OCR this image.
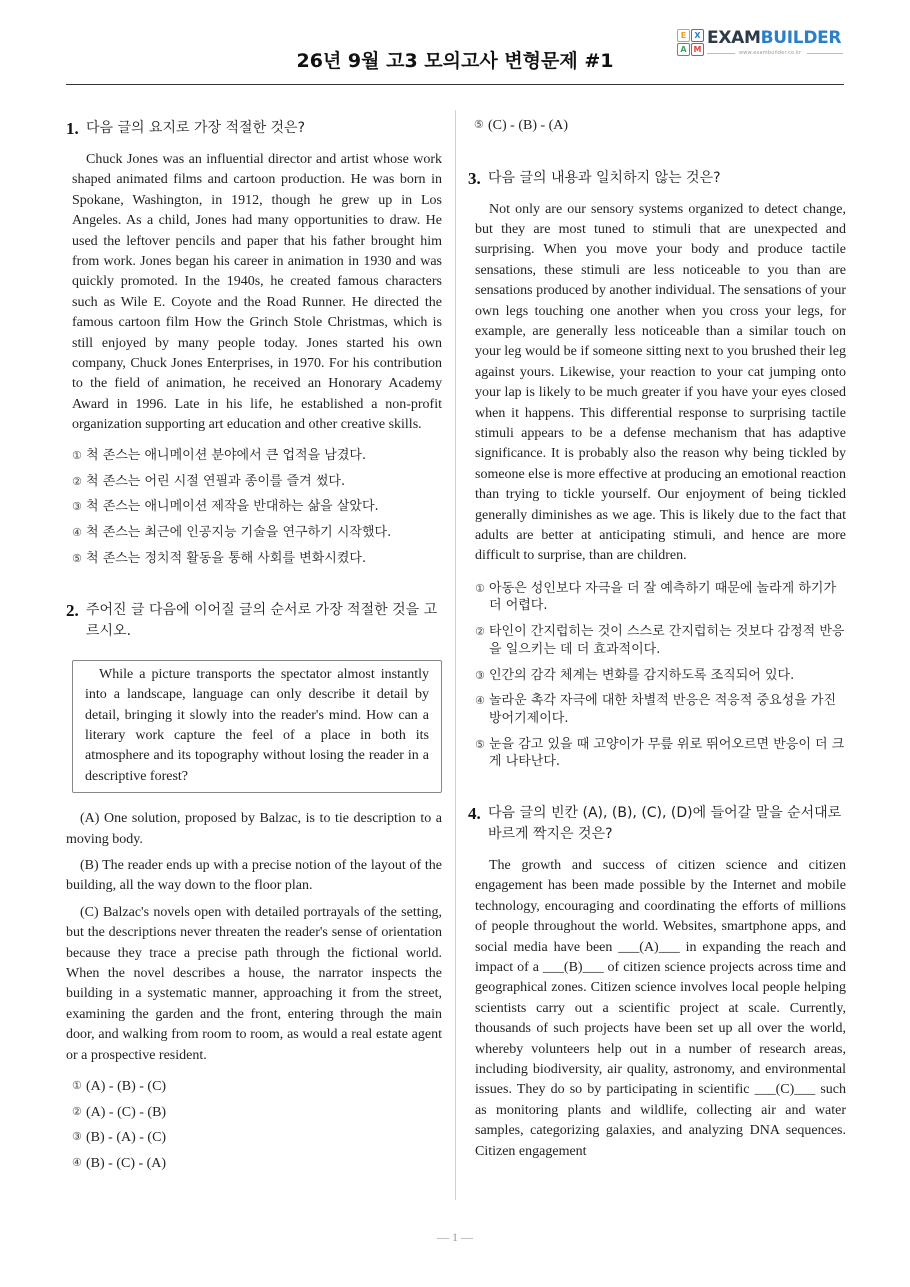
26년 9월 고3 모의고사 변형문제 #1
E	X
A M
EXAMBUILDER
www.exambuilder.co.kr

1. 다음 글의 요지로 가장 적절한 것은?

Chuck Jones was an influential director and artist whose work shaped animated films and cartoon production. He was born in Spokane, Washington, in 1912, though he grew up in Los Angeles. As a child, Jones had many opportunities to draw. He used the leftover pencils and paper that his father brought him from work. Jones began his career in animation in 1930 and was quickly promoted. In the 1940s, he created famous characters such as Wile E. Coyote and the Road Runner. He directed the famous cartoon film How the Grinch Stole Christmas, which is still enjoyed by many people today. Jones started his own company, Chuck Jones Enterprises, in 1970. For his contribution to the field of animation, he received an Honorary Academy Award in 1996. Late in his life, he established a non-profit organization supporting art education and other creative skills.

① 척 존스는 애니메이션 분야에서 큰 업적을 남겼다.
② 척 존스는 어린 시절 연필과 종이를 즐겨 썼다.
③ 척 존스는 애니메이션 제작을 반대하는 삶을 살았다.
④ 척 존스는 최근에 인공지능 기술을 연구하기 시작했다.
⑤ 척 존스는 정치적 활동을 통해 사회를 변화시켰다.

2. 주어진 글 다음에 이어질 글의 순서로 가장 적절한 것을 고르시오.

While a picture transports the spectator almost instantly into a landscape, language can only describe it detail by detail, bringing it slowly into the reader's mind. How can a literary work capture the feel of a place in both its atmosphere and its topography without losing the reader in a descriptive forest?

(A) One solution, proposed by Balzac, is to tie description to a moving body.

(B) The reader ends up with a precise notion of the layout of the building, all the way down to the floor plan.

(C) Balzac's novels open with detailed portrayals of the setting, but the descriptions never threaten the reader's sense of orientation because they trace a precise path through the fictional world. When the novel describes a house, the narrator inspects the building in a systematic manner, approaching it from the street, examining the garden and the front, entering through the main door, and walking from room to room, as would a real estate agent or a prospective resident.

① (A) - (B) - (C)
② (A) - (C) - (B)
③ (B) - (A) - (C)
④ (B) - (C) - (A)
⑤ (C) - (B) - (A)

3. 다음 글의 내용과 일치하지 않는 것은?

Not only are our sensory systems organized to detect change, but they are most tuned to stimuli that are unexpected and surprising. When you move your body and produce tactile sensations, these stimuli are less noticeable to you than are sensations produced by another individual. The sensations of your own legs touching one another when you cross your legs, for example, are generally less noticeable than a similar touch on your leg would be if someone sitting next to you brushed their leg against yours. Likewise, your reaction to your cat jumping onto your lap is likely to be much greater if you have your eyes closed when it happens. This differential response to surprising tactile stimuli appears to be a defense mechanism that has adaptive significance. It is probably also the reason why being tickled by someone else is more effective at producing an emotional reaction than trying to tickle yourself. Our enjoyment of being tickled generally diminishes as we age. This is likely due to the fact that adults are better at anticipating stimuli, and hence are more difficult to surprise, than are children.

① 아동은 성인보다 자극을 더 잘 예측하기 때문에 놀라게 하기가 더 어렵다.
② 타인이 간지럽히는 것이 스스로 간지럽히는 것보다 감정적 반응을 일으키는 데 더 효과적이다.
③ 인간의 감각 체계는 변화를 감지하도록 조직되어 있다.
④ 놀라운 촉각 자극에 대한 차별적 반응은 적응적 중요성을 가진 방어기제이다.
⑤ 눈을 감고 있을 때 고양이가 무릎 위로 뛰어오르면 반응이 더 크게 나타난다.

4. 다음 글의 빈칸 (A), (B), (C), (D)에 들어갈 말을 순서대로 바르게 짝지은 것은?

The growth and success of citizen science and citizen engagement has been made possible by the Internet and mobile technology, encouraging and coordinating the efforts of millions of people throughout the world. Websites, smartphone apps, and social media have been ___(A)___ in expanding the reach and impact of a ___(B)___ of citizen science projects across time and geographical zones. Citizen science involves local people helping scientists carry out a scientific project at scale. Currently, thousands of such projects have been set up all over the world, whereby volunteers help out in a number of research areas, including biodiversity, air quality, astronomy, and environmental issues. They do so by participating in scientific ___(C)___ such as monitoring plants and wildlife, collecting air and water samples, categorizing galaxies, and analyzing DNA sequences. Citizen engagement

— 1 —
